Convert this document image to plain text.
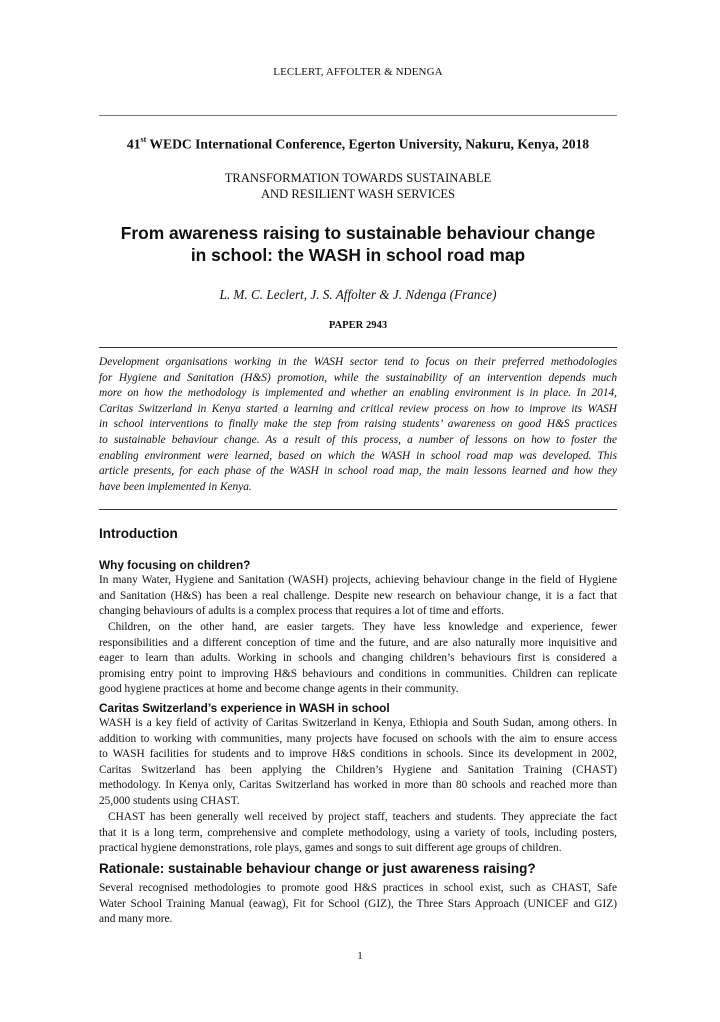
LECLERT, AFFOLTER & NDENGA
41st WEDC International Conference, Egerton University, Nakuru, Kenya, 2018
TRANSFORMATION TOWARDS SUSTAINABLE
AND RESILIENT WASH SERVICES
From awareness raising to sustainable behaviour change
in school: the WASH in school road map
L. M. C. Leclert, J. S. Affolter & J. Ndenga (France)
PAPER 2943
Development organisations working in the WASH sector tend to focus on their preferred methodologies
for Hygiene and Sanitation (H&S) promotion, while the sustainability of an intervention depends much
more on how the methodology is implemented and whether an enabling environment is in place. In 2014,
Caritas Switzerland in Kenya started a learning and critical review process on how to improve its WASH
in school interventions to finally make the step from raising students’ awareness on good H&S practices
to sustainable behaviour change. As a result of this process, a number of lessons on how to foster the
enabling environment were learned, based on which the WASH in school road map was developed. This
article presents, for each phase of the WASH in school road map, the main lessons learned and how they
have been implemented in Kenya.
Introduction
Why focusing on children?
In many Water, Hygiene and Sanitation (WASH) projects, achieving behaviour change in the field of Hygiene
and Sanitation (H&S) has been a real challenge. Despite new research on behaviour change, it is a fact that
changing behaviours of adults is a complex process that requires a lot of time and efforts.
Children, on the other hand, are easier targets. They have less knowledge and experience, fewer
responsibilities and a different conception of time and the future, and are also naturally more inquisitive and
eager to learn than adults. Working in schools and changing children’s behaviours first is considered a
promising entry point to improving H&S behaviours and conditions in communities. Children can replicate
good hygiene practices at home and become change agents in their community.
Caritas Switzerland’s experience in WASH in school
WASH is a key field of activity of Caritas Switzerland in Kenya, Ethiopia and South Sudan, among others. In
addition to working with communities, many projects have focused on schools with the aim to ensure access
to WASH facilities for students and to improve H&S conditions in schools. Since its development in 2002,
Caritas Switzerland has been applying the Children’s Hygiene and Sanitation Training (CHAST)
methodology. In Kenya only, Caritas Switzerland has worked in more than 80 schools and reached more than
25,000 students using CHAST.
CHAST has been generally well received by project staff, teachers and students. They appreciate the fact
that it is a long term, comprehensive and complete methodology, using a variety of tools, including posters,
practical hygiene demonstrations, role plays, games and songs to suit different age groups of children.
Rationale: sustainable behaviour change or just awareness raising?
Several recognised methodologies to promote good H&S practices in school exist, such as CHAST, Safe
Water School Training Manual (eawag), Fit for School (GIZ), the Three Stars Approach (UNICEF and GIZ)
and many more.
1
